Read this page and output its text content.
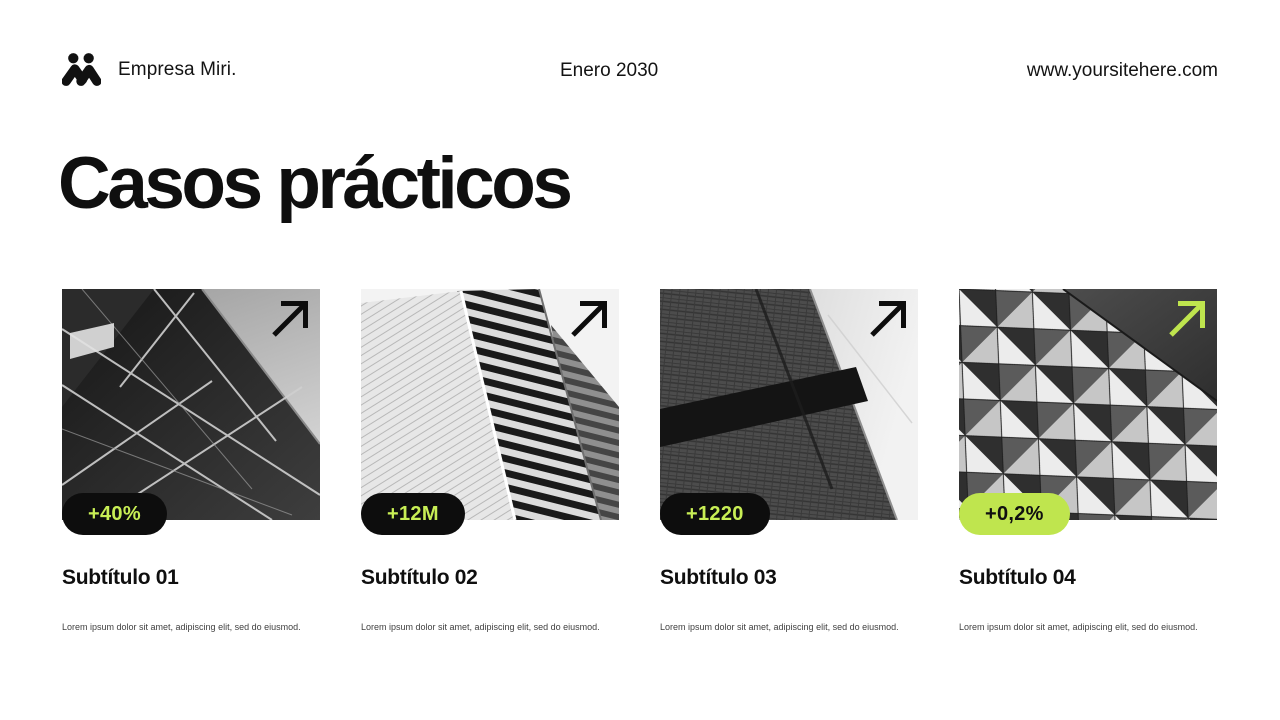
Empresa Miri.	Enero 2030	www.yoursitehere.com
Casos prácticos
+40%
Subtítulo 01

Lorem ipsum dolor sit amet, adipiscing elit, sed do eiusmod.

+12M
Subtítulo 02

Lorem ipsum dolor sit amet, adipiscing elit, sed do eiusmod.

+1220
Subtítulo 03

Lorem ipsum dolor sit amet, adipiscing elit, sed do eiusmod.

+0,2%
Subtítulo 04

Lorem ipsum dolor sit amet, adipiscing elit, sed do eiusmod.
